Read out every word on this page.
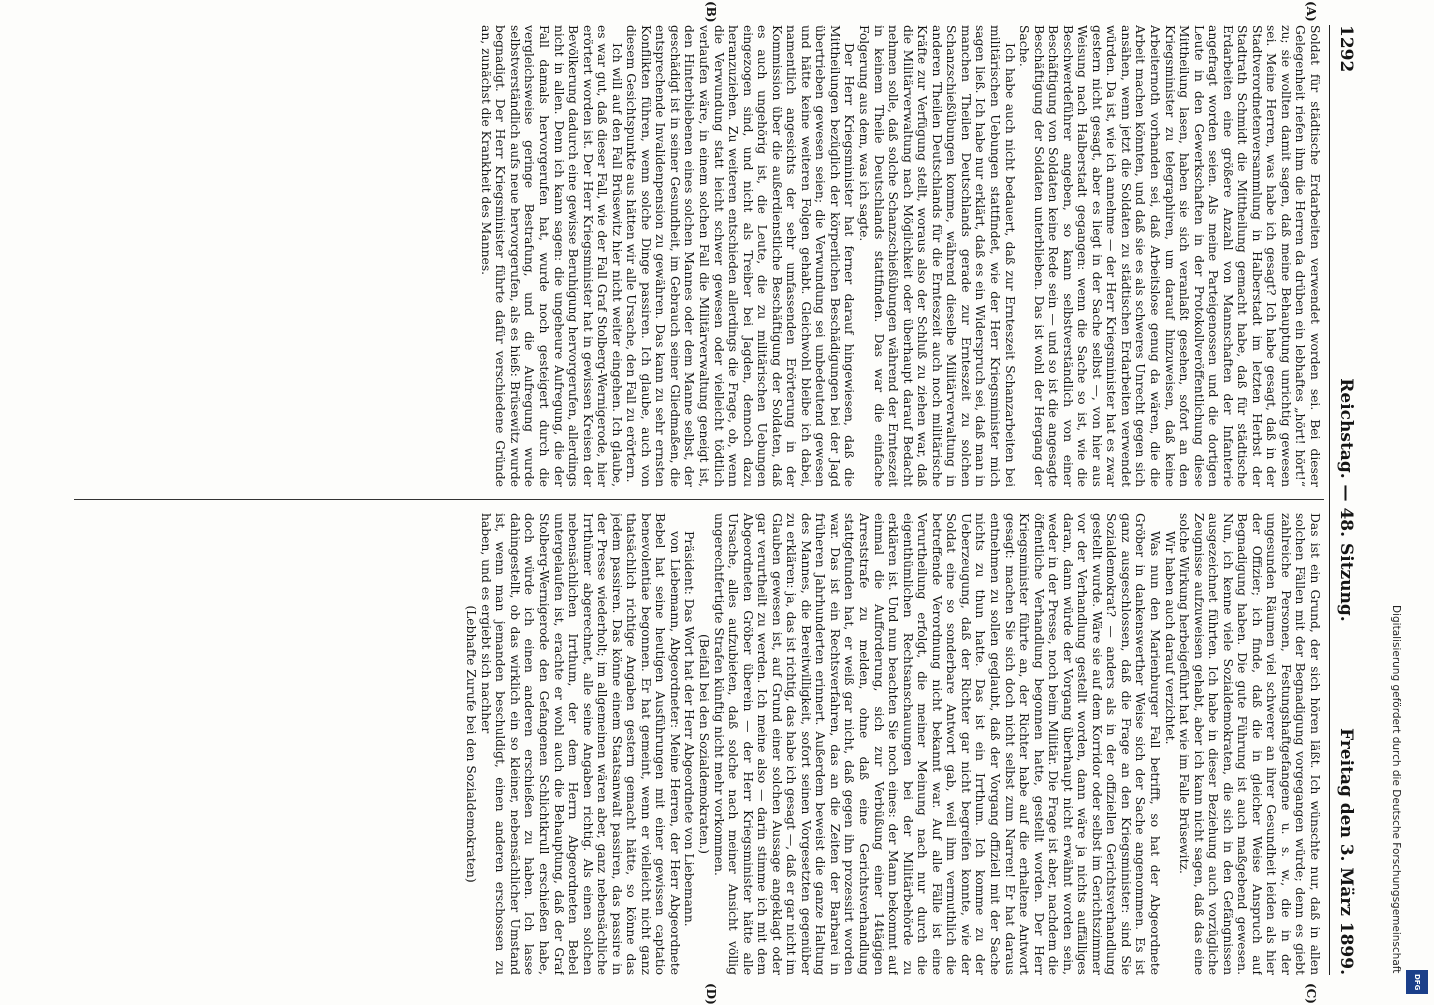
1292
Reichstag. — 48. Sitzung.
Freitag den 3. März 1899.
(A)
(B)
(C)
(D)

Soldat für städtische Erdarbeiten verwendet worden sei. Bei dieser Gelegenheit riefen ihm die Herren da drüben ein lebhaftes „hört! hört!“ zu; sie wollten damit sagen, daß meine Behauptung unrichtig gewesen sei. Meine Herren, was habe ich gesagt? Ich habe gesagt, daß in der Stadtverordnetenversammlung in Halberstadt im letzten Herbst der Stadtrath Schmidt die Mittheilung gemacht habe, daß für städtische Erdarbeiten eine größere Anzahl von Mannschaften der Infanterie angefragt worden seien. Als meine Parteigenossen und die dortigen Leute in den Gewerkschaften in der Protokollveröffentlichung diese Mittheilung lasen, haben sie sich veranlaßt gesehen, sofort an den Kriegsminister zu telegraphiren, um darauf hinzuweisen, daß keine Arbeiternoth vorhanden sei, daß Arbeitslose genug da wären, die die Arbeit machen könnten, und daß sie es als schweres Unrecht gegen sich ansähen, wenn jetzt die Soldaten zu städtischen Erdarbeiten verwendet würden. Da ist, wie ich annehme — der Herr Kriegsminister hat es zwar gestern nicht gesagt, aber es liegt in der Sache selbst —, von hier aus Weisung nach Halberstadt gegangen: wenn die Sache so ist, wie die Beschwerdeführer angeben, so kann selbstverständlich von einer Beschäftigung von Soldaten keine Rede sein — und so ist die angesagte Beschäftigung der Soldaten unterblieben. Das ist wohl der Hergang der Sache.

Ich habe auch nicht bedauert, daß zur Ernteszeit Schanzarbeiten bei militärischen Uebungen stattfindet, wie der Herr Kriegsminister mich sagen ließ. Ich habe nur erklärt, daß es ein Widerspruch sei, daß man in manchen Theilen Deutschlands gerade zur Ernteszeit zu solchen Schanzschießübungen komme, während dieselbe Militärverwaltung in anderen Theilen Deutschlands für die Ernteszeit auch noch militärische Kräfte zur Verfügung stellt, woraus also der Schluß zu ziehen war, daß die Militärverwaltung nach Möglichkeit oder überhaupt darauf Bedacht nehmen solle, daß solche Schanzschießübungen während der Ernteszeit in keinem Theile Deutschlands stattfinden. Das war die einfache Folgerung aus dem, was ich sagte.

Der Herr Kriegsminister hat ferner darauf hingewiesen, daß die Mittheilungen bezüglich der körperlichen Beschädigungen bei der Jagd übertrieben gewesen seien; die Verwundung sei unbedeutend gewesen und hätte keine weiteren Folgen gehabt. Gleichwohl bleibe ich dabei, namentlich angesichts der sehr umfassenden Erörterung in der Kommission über die außerdienstliche Beschäftigung der Soldaten, daß es auch ungehörig ist, die Leute, die zu militärischen Uebungen eingezogen sind, und nicht als Treiber bei Jagden, dennoch dazu heranzuziehen. Zu weiteren entschieden allerdings die Frage, ob, wenn die Verwundung statt leicht schwer gewesen oder vielleicht tödtlich verlaufen wäre, in einem solchen Fall die Militärverwaltung geneigt ist, den Hinterbliebenen eines solchen Mannes oder dem Manne selbst, der geschädigt ist in seiner Gesundheit, im Gebrauch seiner Gliedmaßen, die entsprechende Invalidenpension zu gewähren. Das kann zu sehr ernsten Konflikten führen, wenn solche Dinge passiren. Ich glaube, auch von diesem Gesichtspunkte aus hätten wir alle Ursache, den Fall zu erörtern.

Ich will auf den Fall Brüsewitz hier nicht weiter eingehen. Ich glaube, es war gut, daß dieser Fall, wie der Fall Graf Stolberg-Wernigerode, hier erörtert worden ist. Der Herr Kriegsminister hat in gewissen Kreisen der Bevölkerung dadurch eine gewisse Beruhigung hervorgerufen, allerdings nicht in allen. Denn ich kann sagen: die ungeheure Aufregung, die der Fall damals hervorgerufen hat, wurde noch gesteigert durch die vergleichsweise geringe Bestrafung, und die Aufregung wurde selbstverständlich aufs neue hervorgerufen, als es hieß: Brüsewitz wurde begnadigt. Der Herr Kriegsminister führte dafür verschiedene Gründe an, zunächst die Krankheit des Mannes.

Das ist ein Grund, der sich hören läßt. Ich wünschte nur, daß in allen solchen Fällen mit der Begnadigung vorgegangen würde; denn es giebt zahlreiche Personen, Festungshaftgefangene u. s. w., die in der ungesunden Räumen viel schwerer an ihrer Gesundheit leiden als hier der Offizier; ich finde, daß die in gleicher Weise Anspruch auf Begnadigung haben. Die gute Führung ist auch maßgebend gewesen. Nun, ich kenne viele Sozialdemokraten, die sich in den Gefängnissen ausgezeichnet führten. Ich habe in dieser Beziehung auch vorzügliche Zeugnisse aufzuweisen gehabt, aber ich kann nicht sagen, daß das eine solche Wirkung herbeigeführt hat wie im Falle Brüsewitz.

Wir haben auch darauf verzichtet.

Was nun den Marienburger Fall betrifft, so hat der Abgeordnete Gröber in dankenswerther Weise sich der Sache angenommen. Es ist ganz ausgeschlossen, daß die Frage an den Kriegsminister: sind Sie Sozialdemokrat? — anders als in der offiziellen Gerichtsverhandlung gestellt wurde. Wäre sie auf dem Korridor oder selbst im Gerichtszimmer vor der Verhandlung gestellt worden, dann wäre ja nichts auffälliges daran, dann würde der Vorgang überhaupt nicht erwähnt worden sein, weder in der Presse, noch beim Militär. Die Frage ist aber, nachdem die öffentliche Verhandlung begonnen hatte, gestellt worden. Der Herr Kriegsminister führte an, der Richter habe auf die erhaltene Antwort gesagt: machen Sie sich doch nicht selbst zum Narren! Er hat daraus entnehmen zu sollen geglaubt, daß der Vorgang offiziell mit der Sache nichts zu thun hatte. Das ist ein Irrthum. Ich komme zu der Ueberzeugung, daß der Richter gar nicht begreifen konnte, wie der Soldat eine so sonderbare Antwort gab, weil ihm vermuthlich die betreffende Verordnung nicht bekannt war. Auf alle Fälle ist eine Verurtheilung erfolgt, die meiner Meinung nach nur durch die eigenthümlichen Rechtsanschauungen bei der Militärbehörde zu erklären ist. Und nun beachten Sie noch eines: der Mann bekommt auf einmal die Aufforderung, sich zur Verbüßung einer 14tägigen Arreststrafe zu melden, ohne daß eine Gerichtsverhandlung stattgefunden hat, er weiß gar nicht, daß gegen ihn prozessirt worden war. Das ist ein Rechtsverfahren, das an die Zeiten der Barbarei in früheren Jahrhunderten erinnert. Außerdem beweist die ganze Haltung des Mannes, die Bereitwilligkeit, sofort seinen Vorgesetzten gegenüber zu erklären: ja, das ist richtig, das habe ich gesagt —, daß er gar nicht im Glauben gewesen ist, auf Grund einer solchen Aussage angeklagt oder gar verurtheilt zu werden. Ich meine also — darin stimme ich mit dem Abgeordneten Gröber überein — der Herr Kriegsminister hätte alle Ursache, alles aufzubieten, daß solche nach meiner Ansicht völlig ungerechtfertigte Strafen künftig nicht mehr vorkommen.

(Beifall bei den Sozialdemokraten.)

Präsident: Das Wort hat der Herr Abgeordnete von Liebemann.

von Liebemann, Abgeordneter: Meine Herren, der Herr Abgeordnete Bebel hat seine heutigen Ausführungen mit einer gewissen captatio benevolentiae begonnen. Er hat gemeint, wenn er vielleicht nicht ganz thatsächlich richtige Angaben gestern gemacht hätte, so könne das jedem passiren. Das könne einem Staatsanwalt passiren, das passire in der Presse wiederholt; im allgemeinen wären aber, ganz nebensächliche Irrthümer abgerechnet, alle seine Angaben richtig. Als einen solchen nebensächlichen Irrthum, der dem Herrn Abgeordneten Bebel untergelaufen ist, erachte er wohl auch die Behauptung, daß der Graf Stolberg-Wernigerode den Gefangenen Schlichtkrull erschießen habe, doch würde ich einen anderen erschießen zu haben. Ich lasse dahingestellt, ob das wirklich ein so kleiner, nebensächlicher Umstand ist, wenn man jemanden beschuldigt, einen anderen erschossen zu haben, und es ergiebt sich nachher

(Lebhafte Zurufe bei den Sozialdemokraten)	Digitalisierung gefördert durch die Deutsche Forschungsgemeinschaft
DFG
